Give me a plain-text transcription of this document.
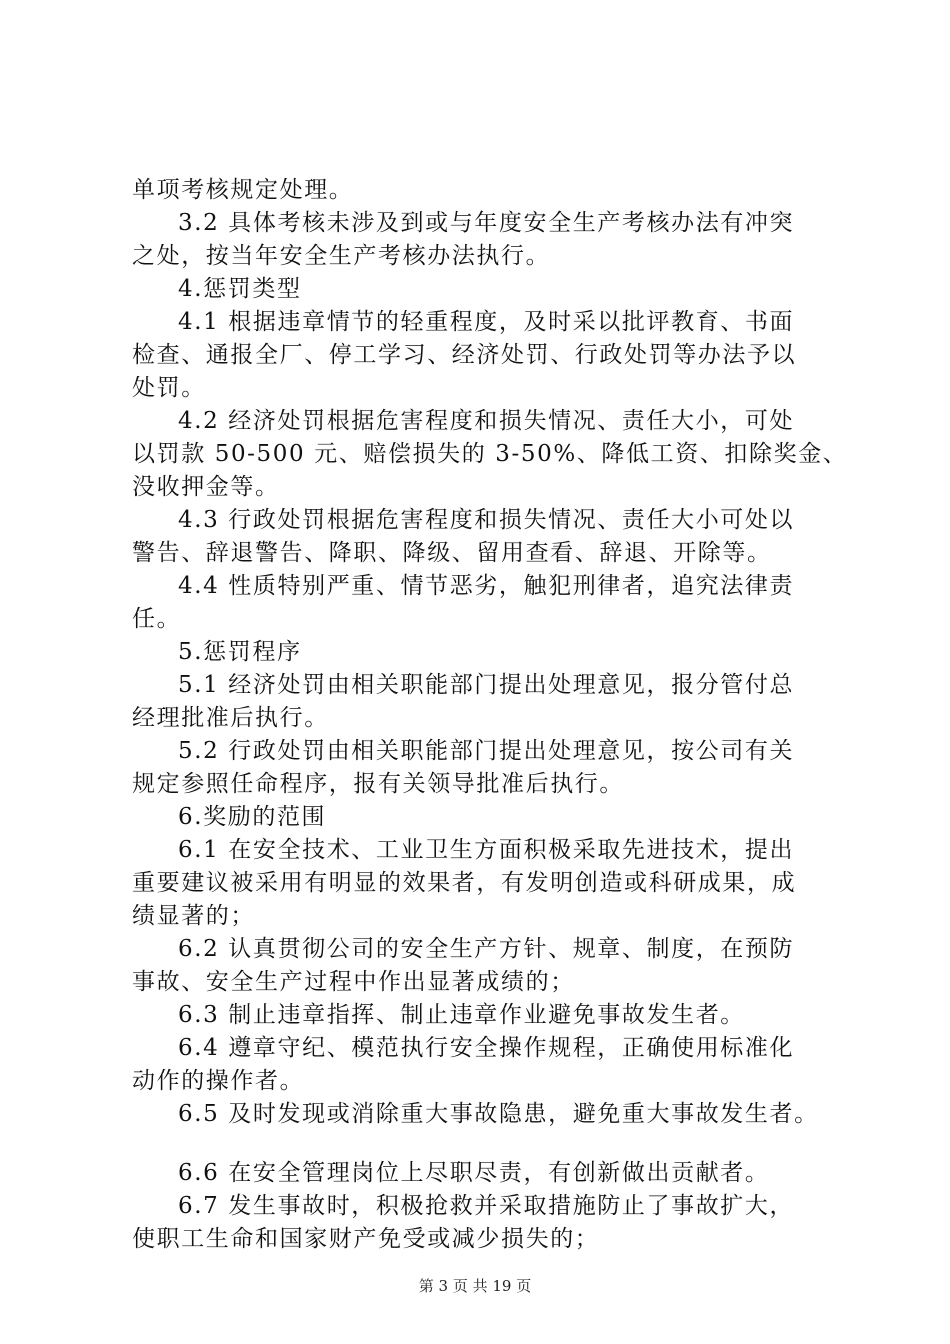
单项考核规定处理。
3.2 具体考核未涉及到或与年度安全生产考核办法有冲突
之处，按当年安全生产考核办法执行。
4.惩罚类型
4.1 根据违章情节的轻重程度，及时采以批评教育、书面
检查、通报全厂、停工学习、经济处罚、行政处罚等办法予以
处罚。
4.2 经济处罚根据危害程度和损失情况、责任大小，可处
以罚款 50-500 元、赔偿损失的 3-50%、降低工资、扣除奖金、
没收押金等。
4.3 行政处罚根据危害程度和损失情况、责任大小可处以
警告、辞退警告、降职、降级、留用查看、辞退、开除等。
4.4 性质特别严重、情节恶劣，触犯刑律者，追究法律责
任。
5.惩罚程序
5.1 经济处罚由相关职能部门提出处理意见，报分管付总
经理批准后执行。
5.2 行政处罚由相关职能部门提出处理意见，按公司有关
规定参照任命程序，报有关领导批准后执行。
6.奖励的范围
6.1 在安全技术、工业卫生方面积极采取先进技术，提出
重要建议被采用有明显的效果者，有发明创造或科研成果，成
绩显著的；
6.2 认真贯彻公司的安全生产方针、规章、制度，在预防
事故、安全生产过程中作出显著成绩的；
6.3 制止违章指挥、制止违章作业避免事故发生者。
6.4 遵章守纪、模范执行安全操作规程，正确使用标准化
动作的操作者。
6.5 及时发现或消除重大事故隐患，避免重大事故发生者。
6.6 在安全管理岗位上尽职尽责，有创新做出贡献者。
6.7 发生事故时，积极抢救并采取措施防止了事故扩大，
使职工生命和国家财产免受或减少损失的；
第 3 页 共 19 页
